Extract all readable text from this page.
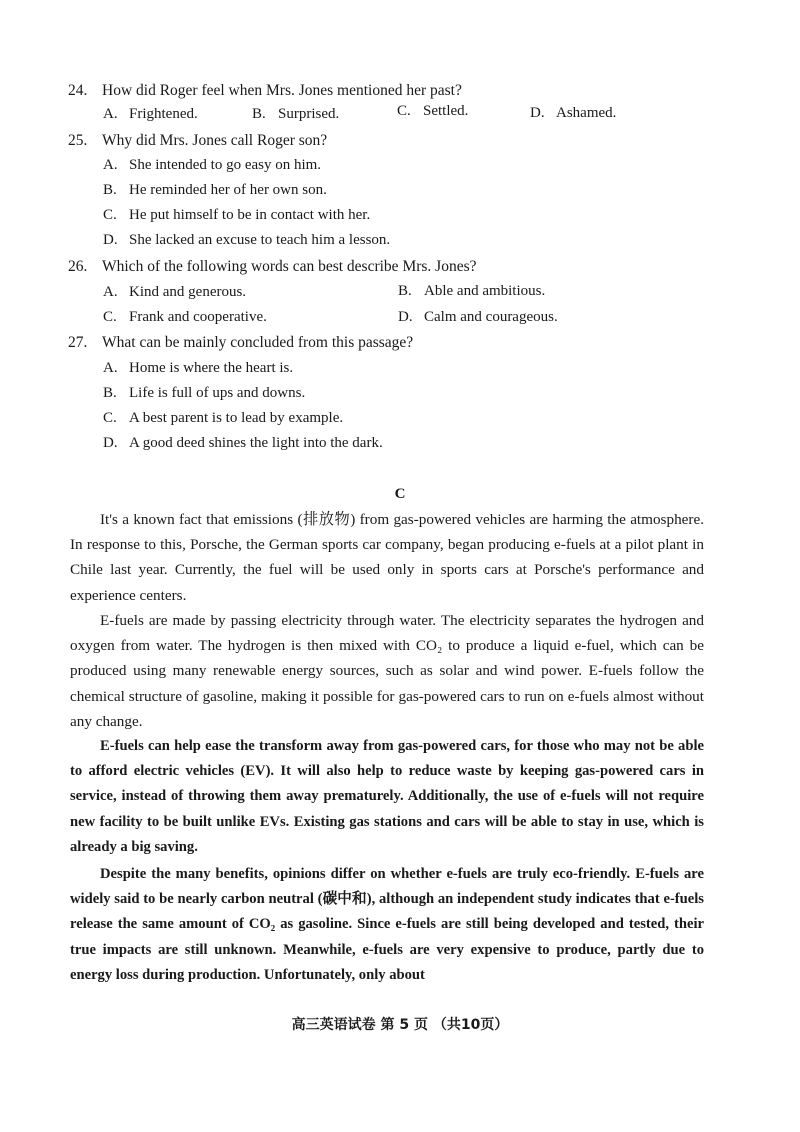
24. How did Roger feel when Mrs. Jones mentioned her past?
A. Frightened.	B. Surprised.	C. Settled.	D. Ashamed.
25. Why did Mrs. Jones call Roger son?
A. She intended to go easy on him.
B. He reminded her of her own son.
C. He put himself to be in contact with her.
D. She lacked an excuse to teach him a lesson.
26. Which of the following words can best describe Mrs. Jones?
A. Kind and generous.	B. Able and ambitious.
C. Frank and cooperative.	D. Calm and courageous.
27. What can be mainly concluded from this passage?
A. Home is where the heart is.
B. Life is full of ups and downs.
C. A best parent is to lead by example.
D. A good deed shines the light into the dark.
C
It's a known fact that emissions (排放物) from gas-powered vehicles are harming the atmosphere. In response to this, Porsche, the German sports car company, began producing e-fuels at a pilot plant in Chile last year. Currently, the fuel will be used only in sports cars at Porsche's performance and experience centers.
E-fuels are made by passing electricity through water. The electricity separates the hydrogen and oxygen from water. The hydrogen is then mixed with CO₂ to produce a liquid e-fuel, which can be produced using many renewable energy sources, such as solar and wind power. E-fuels follow the chemical structure of gasoline, making it possible for gas-powered cars to run on e-fuels almost without any change.
E-fuels can help ease the transform away from gas-powered cars, for those who may not be able to afford electric vehicles (EV). It will also help to reduce waste by keeping gas-powered cars in service, instead of throwing them away prematurely. Additionally, the use of e-fuels will not require new facility to be built unlike EVs. Existing gas stations and cars will be able to stay in use, which is already a big saving.
Despite the many benefits, opinions differ on whether e-fuels are truly eco-friendly. E-fuels are widely said to be nearly carbon neutral (碳中和), although an independent study indicates that e-fuels release the same amount of CO₂ as gasoline. Since e-fuels are still being developed and tested, their true impacts are still unknown. Meanwhile, e-fuels are very expensive to produce, partly due to energy loss during production. Unfortunately, only about
高三英语试卷 第 5 页 （共10页）
